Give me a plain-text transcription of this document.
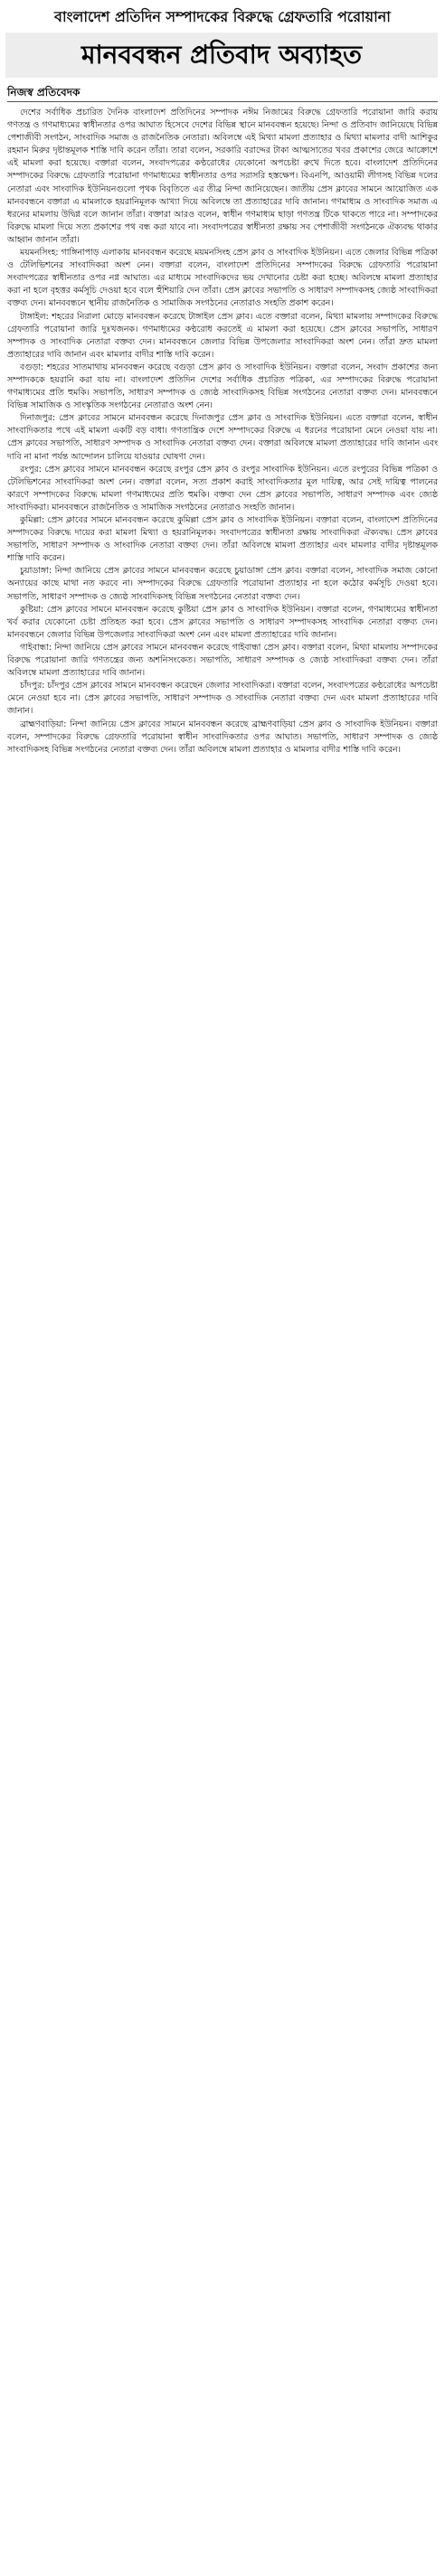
বাংলাদেশ প্রতিদিন সম্পাদকের বিরুদ্ধে গ্রেফতারি পরোয়ানা
মানববন্ধন প্রতিবাদ অব্যাহত
নিজস্ব প্রতিবেদক

দেশের সর্বাধিক প্রচারিত দৈনিক বাংলাদেশ প্রতিদিনের সম্পাদক নঈম নিজামের বিরুদ্ধে গ্রেফতারি পরোয়ানা জারি করায় গণতন্ত্র ও গণমাধ্যমের স্বাধীনতার ওপর আঘাত হিসেবে দেশের বিভিন্ন স্থানে মানববন্ধন হয়েছে। নিন্দা ও প্রতিবাদ জানিয়েছে বিভিন্ন পেশাজীবী সংগঠন, সাংবাদিক সমাজ ও রাজনৈতিক নেতারা। অবিলম্বে এই মিথ্যা মামলা প্রত্যাহার ও মিথ্যা মামলার বাদী আশিকুর রহমান মিরুর দৃষ্টান্তমূলক শাস্তি দাবি করেন তাঁরা। তারা বলেন, সরকারি বরাদ্দের টাকা আত্মসাতের খবর প্রকাশের জেরে আক্রোশে এই মামলা করা হয়েছে। বক্তারা বলেন, সংবাদপত্রের কণ্ঠরোধের যেকোনো অপচেষ্টা রুখে দিতে হবে। বাংলাদেশ প্রতিদিনের সম্পাদকের বিরুদ্ধে গ্রেফতারি পরোয়ানা গণমাধ্যমের স্বাধীনতার ওপর সরাসরি হস্তক্ষেপ। বিএনপি, আওয়ামী লীগসহ বিভিন্ন দলের নেতারা এবং সাংবাদিক ইউনিয়নগুলো পৃথক বিবৃতিতে এর তীব্র নিন্দা জানিয়েছেন। জাতীয় প্রেস ক্লাবের সামনে আয়োজিত এক মানববন্ধনে বক্তারা এ মামলাকে হয়রানিমূলক আখ্যা দিয়ে অবিলম্বে তা প্রত্যাহারের দাবি জানান। গণমাধ্যম ও সাংবাদিক সমাজ এ ধরনের মামলায় উদ্বিগ্ন বলে জানান তাঁরা। বক্তারা আরও বলেন, স্বাধীন গণমাধ্যম ছাড়া গণতন্ত্র টিকে থাকতে পারে না। সম্পাদকের বিরুদ্ধে মামলা দিয়ে সত্য প্রকাশের পথ বন্ধ করা যাবে না। সংবাদপত্রের স্বাধীনতা রক্ষায় সব পেশাজীবী সংগঠনকে ঐক্যবদ্ধ থাকার আহ্বান জানান তাঁরা।

ময়মনসিংহ: গাঙ্গিনাপাড় এলাকায় মানববন্ধন করেছে ময়মনসিংহ প্রেস ক্লাব ও সাংবাদিক ইউনিয়ন। এতে জেলার বিভিন্ন পত্রিকা ও টেলিভিশনের সাংবাদিকরা অংশ নেন। বক্তারা বলেন, বাংলাদেশ প্রতিদিনের সম্পাদকের বিরুদ্ধে গ্রেফতারি পরোয়ানা সংবাদপত্রের স্বাধীনতার ওপর নগ্ন আঘাত। এর মাধ্যমে সাংবাদিকদের ভয় দেখানোর চেষ্টা করা হচ্ছে। অবিলম্বে মামলা প্রত্যাহার করা না হলে বৃহত্তর কর্মসূচি দেওয়া হবে বলে হুঁশিয়ারি দেন তাঁরা। প্রেস ক্লাবের সভাপতি ও সাধারণ সম্পাদকসহ জ্যেষ্ঠ সাংবাদিকরা বক্তব্য দেন। মানববন্ধনে স্থানীয় রাজনৈতিক ও সামাজিক সংগঠনের নেতারাও সংহতি প্রকাশ করেন।

টাঙ্গাইল: শহরের নিরালা মোড়ে মানববন্ধন করেছে টাঙ্গাইল প্রেস ক্লাব। এতে বক্তারা বলেন, মিথ্যা মামলায় সম্পাদকের বিরুদ্ধে গ্রেফতারি পরোয়ানা জারি দুঃখজনক। গণমাধ্যমের কণ্ঠরোধ করতেই এ মামলা করা হয়েছে। প্রেস ক্লাবের সভাপতি, সাধারণ সম্পাদক ও সাংবাদিক নেতারা বক্তব্য দেন। মানববন্ধনে জেলার বিভিন্ন উপজেলার সাংবাদিকরা অংশ নেন। তাঁরা দ্রুত মামলা প্রত্যাহারের দাবি জানান এবং মামলার বাদীর শাস্তি দাবি করেন।

বগুড়া: শহরের সাতমাথায় মানববন্ধন করেছে বগুড়া প্রেস ক্লাব ও সাংবাদিক ইউনিয়ন। বক্তারা বলেন, সংবাদ প্রকাশের জন্য সম্পাদককে হয়রানি করা যায় না। বাংলাদেশ প্রতিদিন দেশের সর্বাধিক প্রচারিত পত্রিকা, এর সম্পাদকের বিরুদ্ধে পরোয়ানা গণমাধ্যমের প্রতি হুমকি। সভাপতি, সাধারণ সম্পাদক ও জ্যেষ্ঠ সাংবাদিকসহ বিভিন্ন সংগঠনের নেতারা বক্তব্য দেন। মানববন্ধনে বিভিন্ন সামাজিক ও সাংস্কৃতিক সংগঠনের নেতারাও অংশ নেন।

দিনাজপুর: প্রেস ক্লাবের সামনে মানববন্ধন করেছে দিনাজপুর প্রেস ক্লাব ও সাংবাদিক ইউনিয়ন। এতে বক্তারা বলেন, স্বাধীন সাংবাদিকতার পথে এই মামলা একটি বড় বাধা। গণতান্ত্রিক দেশে সম্পাদকের বিরুদ্ধে এ ধরনের পরোয়ানা মেনে নেওয়া যায় না। প্রেস ক্লাবের সভাপতি, সাধারণ সম্পাদক ও সাংবাদিক নেতারা বক্তব্য দেন। বক্তারা অবিলম্বে মামলা প্রত্যাহারের দাবি জানান এবং দাবি না মানা পর্যন্ত আন্দোলন চালিয়ে যাওয়ার ঘোষণা দেন।

রংপুর: প্রেস ক্লাবের সামনে মানববন্ধন করেছে রংপুর প্রেস ক্লাব ও রংপুর সাংবাদিক ইউনিয়ন। এতে রংপুরের বিভিন্ন পত্রিকা ও টেলিভিশনের সাংবাদিকরা অংশ নেন। বক্তারা বলেন, সত্য প্রকাশ করাই সাংবাদিকতার মূল দায়িত্ব, আর সেই দায়িত্ব পালনের কারণে সম্পাদকের বিরুদ্ধে মামলা গণমাধ্যমের প্রতি হুমকি। বক্তব্য দেন প্রেস ক্লাবের সভাপতি, সাধারণ সম্পাদক এবং জ্যেষ্ঠ সাংবাদিকরা। মানববন্ধনে রাজনৈতিক ও সামাজিক সংগঠনের নেতারাও সংহতি জানান।

কুমিল্লা: প্রেস ক্লাবের সামনে মানববন্ধন করেছে কুমিল্লা প্রেস ক্লাব ও সাংবাদিক ইউনিয়ন। বক্তারা বলেন, বাংলাদেশ প্রতিদিনের সম্পাদকের বিরুদ্ধে দায়ের করা মামলা মিথ্যা ও হয়রানিমূলক। সংবাদপত্রের স্বাধীনতা রক্ষায় সাংবাদিকরা ঐক্যবদ্ধ। প্রেস ক্লাবের সভাপতি, সাধারণ সম্পাদক ও সাংবাদিক নেতারা বক্তব্য দেন। তাঁরা অবিলম্বে মামলা প্রত্যাহার এবং মামলার বাদীর দৃষ্টান্তমূলক শাস্তি দাবি করেন।

চুয়াডাঙ্গা: নিন্দা জানিয়ে প্রেস ক্লাবের সামনে মানববন্ধন করেছে চুয়াডাঙ্গা প্রেস ক্লাব। বক্তারা বলেন, সাংবাদিক সমাজ কোনো অন্যায়ের কাছে মাথা নত করবে না। সম্পাদকের বিরুদ্ধে গ্রেফতারি পরোয়ানা প্রত্যাহার না হলে কঠোর কর্মসূচি দেওয়া হবে। সভাপতি, সাধারণ সম্পাদক ও জ্যেষ্ঠ সাংবাদিকসহ বিভিন্ন সংগঠনের নেতারা বক্তব্য দেন।

কুষ্টিয়া: প্রেস ক্লাবের সামনে মানববন্ধন করেছে কুষ্টিয়া প্রেস ক্লাব ও সাংবাদিক ইউনিয়ন। বক্তারা বলেন, গণমাধ্যমের স্বাধীনতা খর্ব করার যেকোনো চেষ্টা প্রতিহত করা হবে। প্রেস ক্লাবের সভাপতি ও সাধারণ সম্পাদকসহ সাংবাদিক নেতারা বক্তব্য দেন। মানববন্ধনে জেলার বিভিন্ন উপজেলার সাংবাদিকরা অংশ নেন এবং মামলা প্রত্যাহারের দাবি জানান।

গাইবান্ধা: নিন্দা জানিয়ে প্রেস ক্লাবের সামনে মানববন্ধন করেছে গাইবান্ধা প্রেস ক্লাব। বক্তারা বলেন, মিথ্যা মামলায় সম্পাদকের বিরুদ্ধে পরোয়ানা জারি গণতন্ত্রের জন্য অশনিসংকেত। সভাপতি, সাধারণ সম্পাদক ও জ্যেষ্ঠ সাংবাদিকরা বক্তব্য দেন। তাঁরা অবিলম্বে মামলা প্রত্যাহারের দাবি জানান।

চাঁদপুর: চাঁদপুর প্রেস ক্লাবের সামনে মানববন্ধন করেছেন জেলার সাংবাদিকরা। বক্তারা বলেন, সংবাদপত্রের কণ্ঠরোধের অপচেষ্টা মেনে নেওয়া হবে না। প্রেস ক্লাবের সভাপতি, সাধারণ সম্পাদক ও সাংবাদিক নেতারা বক্তব্য দেন এবং মামলা প্রত্যাহারের দাবি জানান।

ব্রাহ্মণবাড়িয়া: নিন্দা জানিয়ে প্রেস ক্লাবের সামনে মানববন্ধন করেছে ব্রাহ্মণবাড়িয়া প্রেস ক্লাব ও সাংবাদিক ইউনিয়ন। বক্তারা বলেন, সম্পাদকের বিরুদ্ধে গ্রেফতারি পরোয়ানা স্বাধীন সাংবাদিকতার ওপর আঘাত। সভাপতি, সাধারণ সম্পাদক ও জ্যেষ্ঠ সাংবাদিকসহ বিভিন্ন সংগঠনের নেতারা বক্তব্য দেন। তাঁরা অবিলম্বে মামলা প্রত্যাহার ও মামলার বাদীর শাস্তি দাবি করেন।
